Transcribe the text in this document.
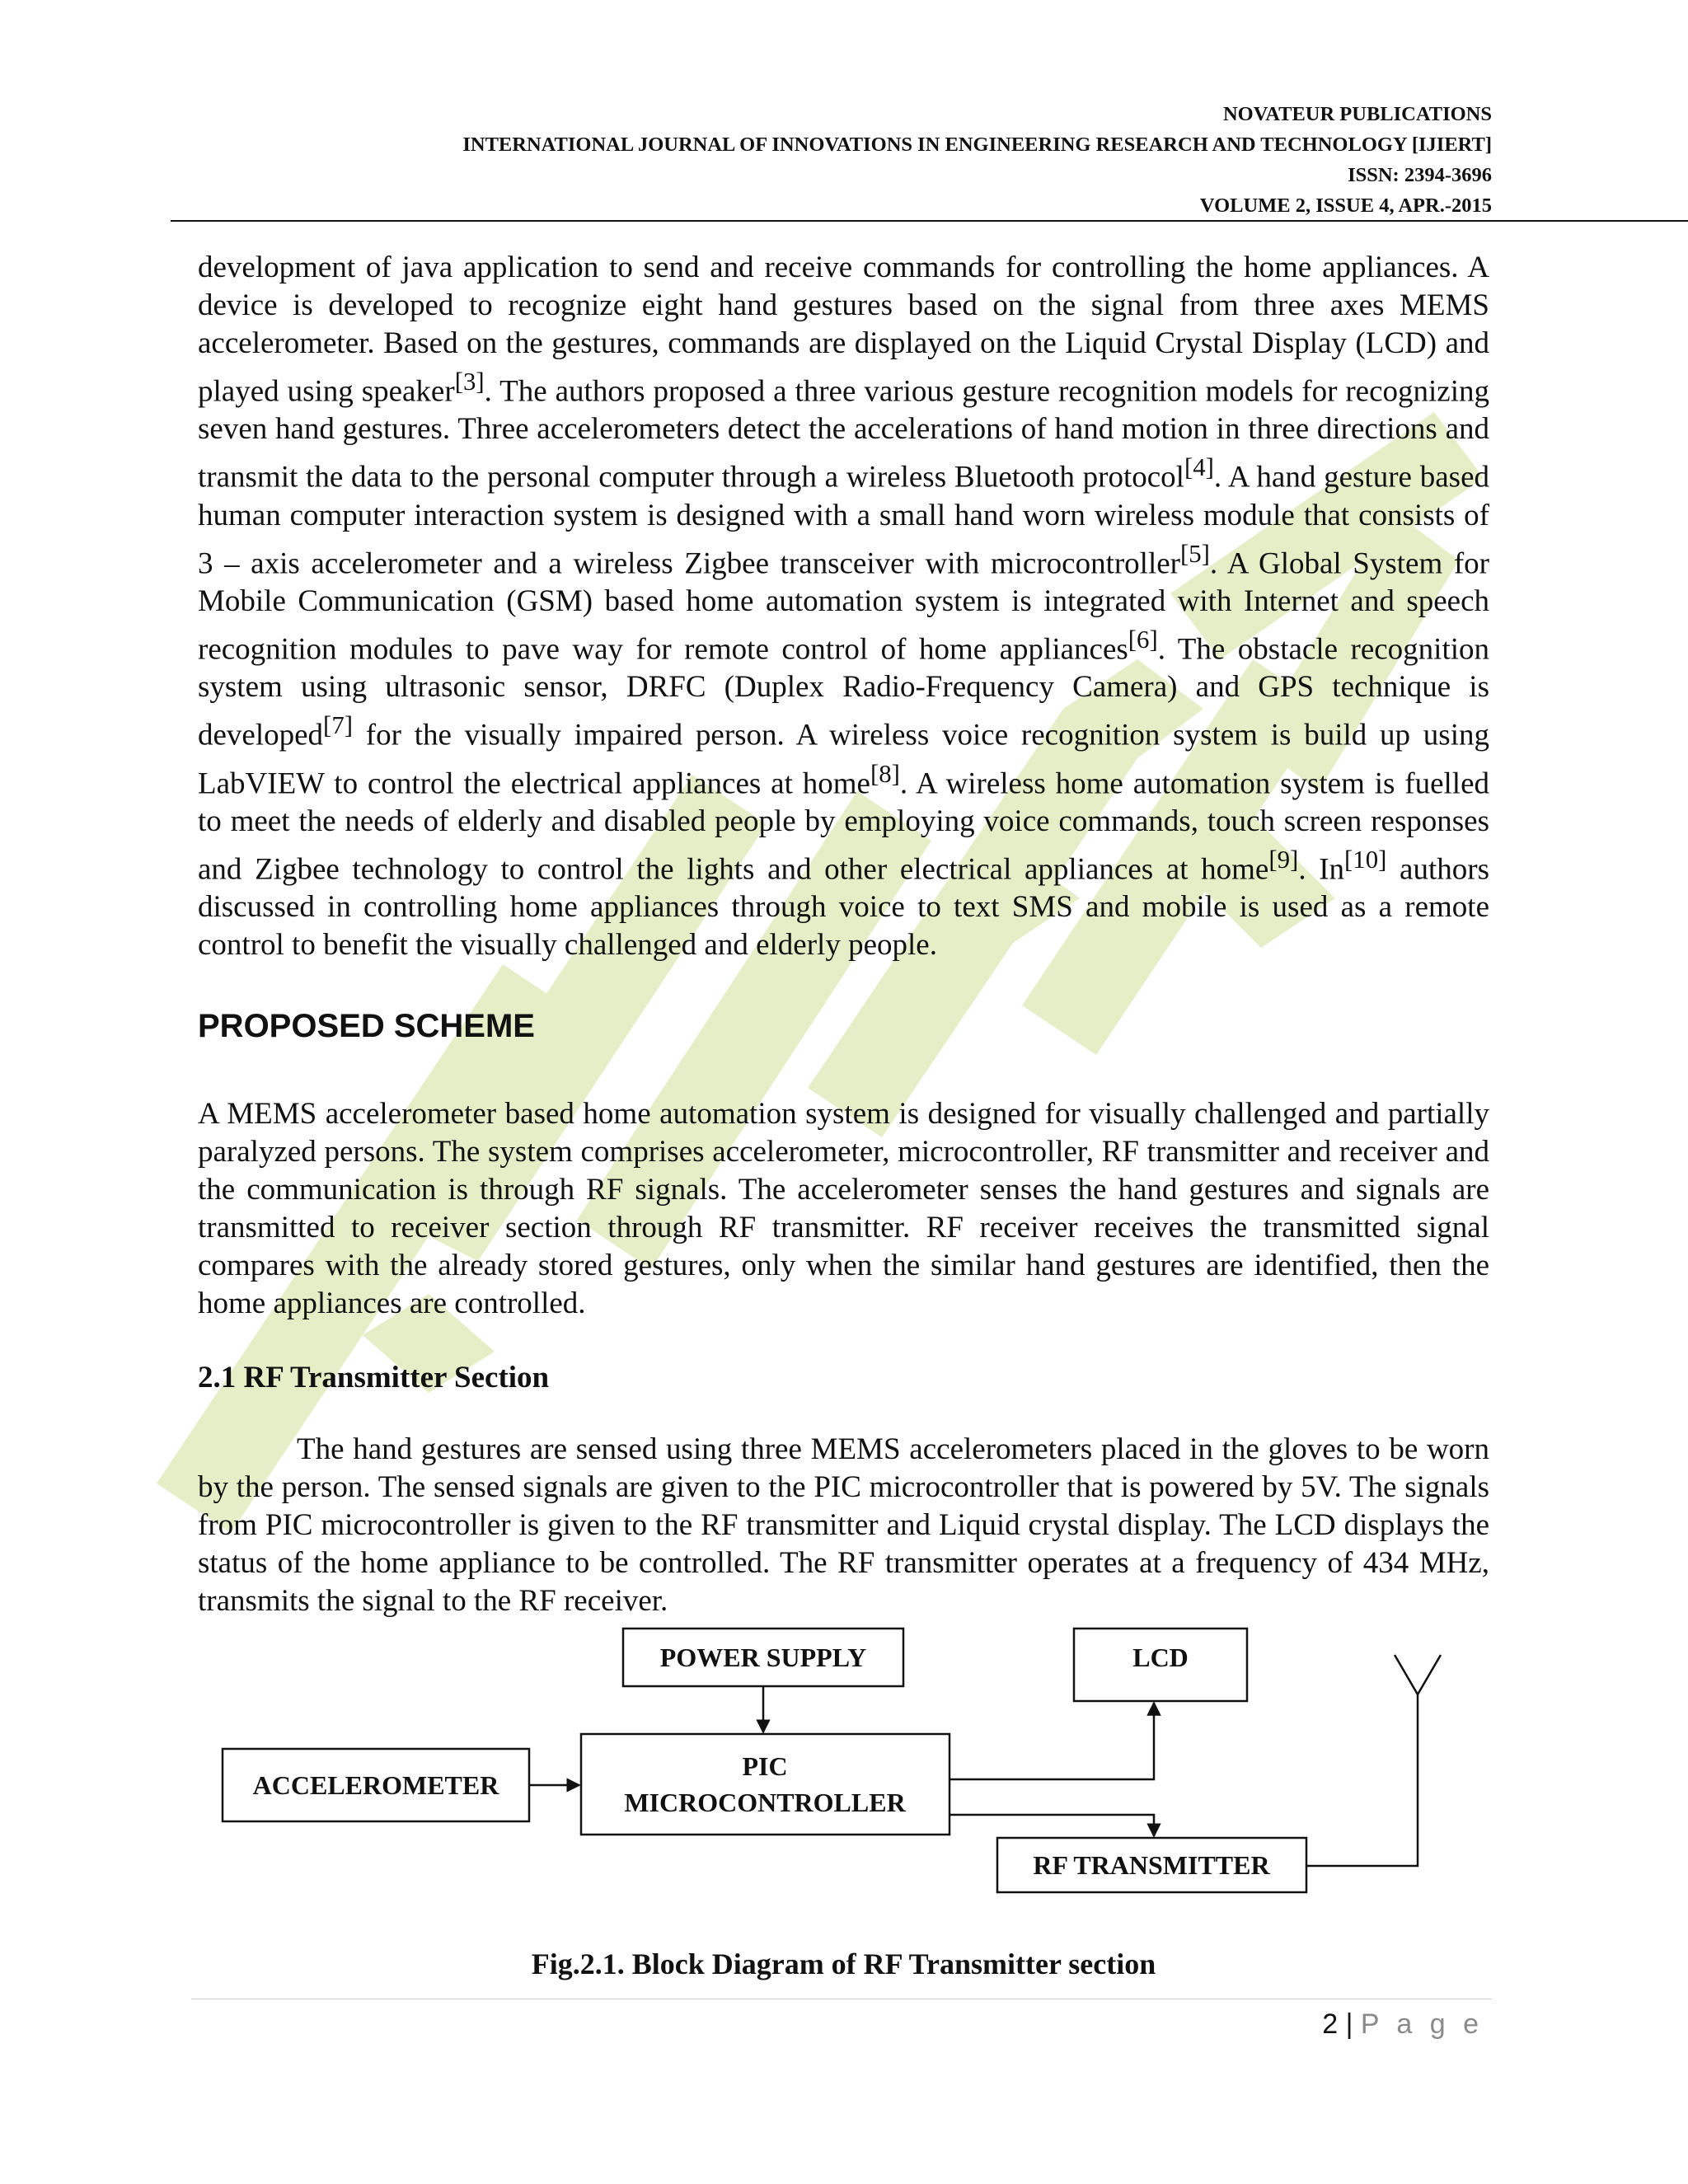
NOVATEUR PUBLICATIONS
INTERNATIONAL JOURNAL OF INNOVATIONS IN ENGINEERING RESEARCH AND TECHNOLOGY [IJIERT]
ISSN: 2394-3696
VOLUME 2, ISSUE 4, APR.-2015

development of java application to send and receive commands for controlling the home appliances. A device is developed to recognize eight hand gestures based on the signal from three axes MEMS accelerometer. Based on the gestures, commands are displayed on the Liquid Crystal Display (LCD) and played using speaker[3]. The authors proposed a three various gesture recognition models for recognizing seven hand gestures. Three accelerometers detect the accelerations of hand motion in three directions and transmit the data to the personal computer through a wireless Bluetooth protocol[4]. A hand gesture based human computer interaction system is designed with a small hand worn wireless module that consists of 3 – axis accelerometer and a wireless Zigbee transceiver with microcontroller[5]. A Global System for Mobile Communication (GSM) based home automation system is integrated with Internet and speech recognition modules to pave way for remote control of home appliances[6]. The obstacle recognition system using ultrasonic sensor, DRFC (Duplex Radio-Frequency Camera) and GPS technique is developed[7] for the visually impaired person. A wireless voice recognition system is build up using LabVIEW to control the electrical appliances at home[8]. A wireless home automation system is fuelled to meet the needs of elderly and disabled people by employing voice commands, touch screen responses and Zigbee technology to control the lights and other electrical appliances at home[9]. In[10] authors discussed in controlling home appliances through voice to text SMS and mobile is used as a remote control to benefit the visually challenged and elderly people.

PROPOSED SCHEME

A MEMS accelerometer based home automation system is designed for visually challenged and partially paralyzed persons. The system comprises accelerometer, microcontroller, RF transmitter and receiver and the communication is through RF signals. The accelerometer senses the hand gestures and signals are transmitted to receiver section through RF transmitter. RF receiver receives the transmitted signal compares with the already stored gestures, only when the similar hand gestures are identified, then the home appliances are controlled.

2.1 RF Transmitter Section

The hand gestures are sensed using three MEMS accelerometers placed in the gloves to be worn by the person. The sensed signals are given to the PIC microcontroller that is powered by 5V. The signals from PIC microcontroller is given to the RF transmitter and Liquid crystal display. The LCD displays the status of the home appliance to be controlled. The RF transmitter operates at a frequency of 434 MHz, transmits the signal to the RF receiver.

POWER SUPPLY	LCD
ACCELEROMETER
PIC
MICROCONTROLLER
RF TRANSMITTER
Fig.2.1. Block Diagram of RF Transmitter section
2 | P a g e
